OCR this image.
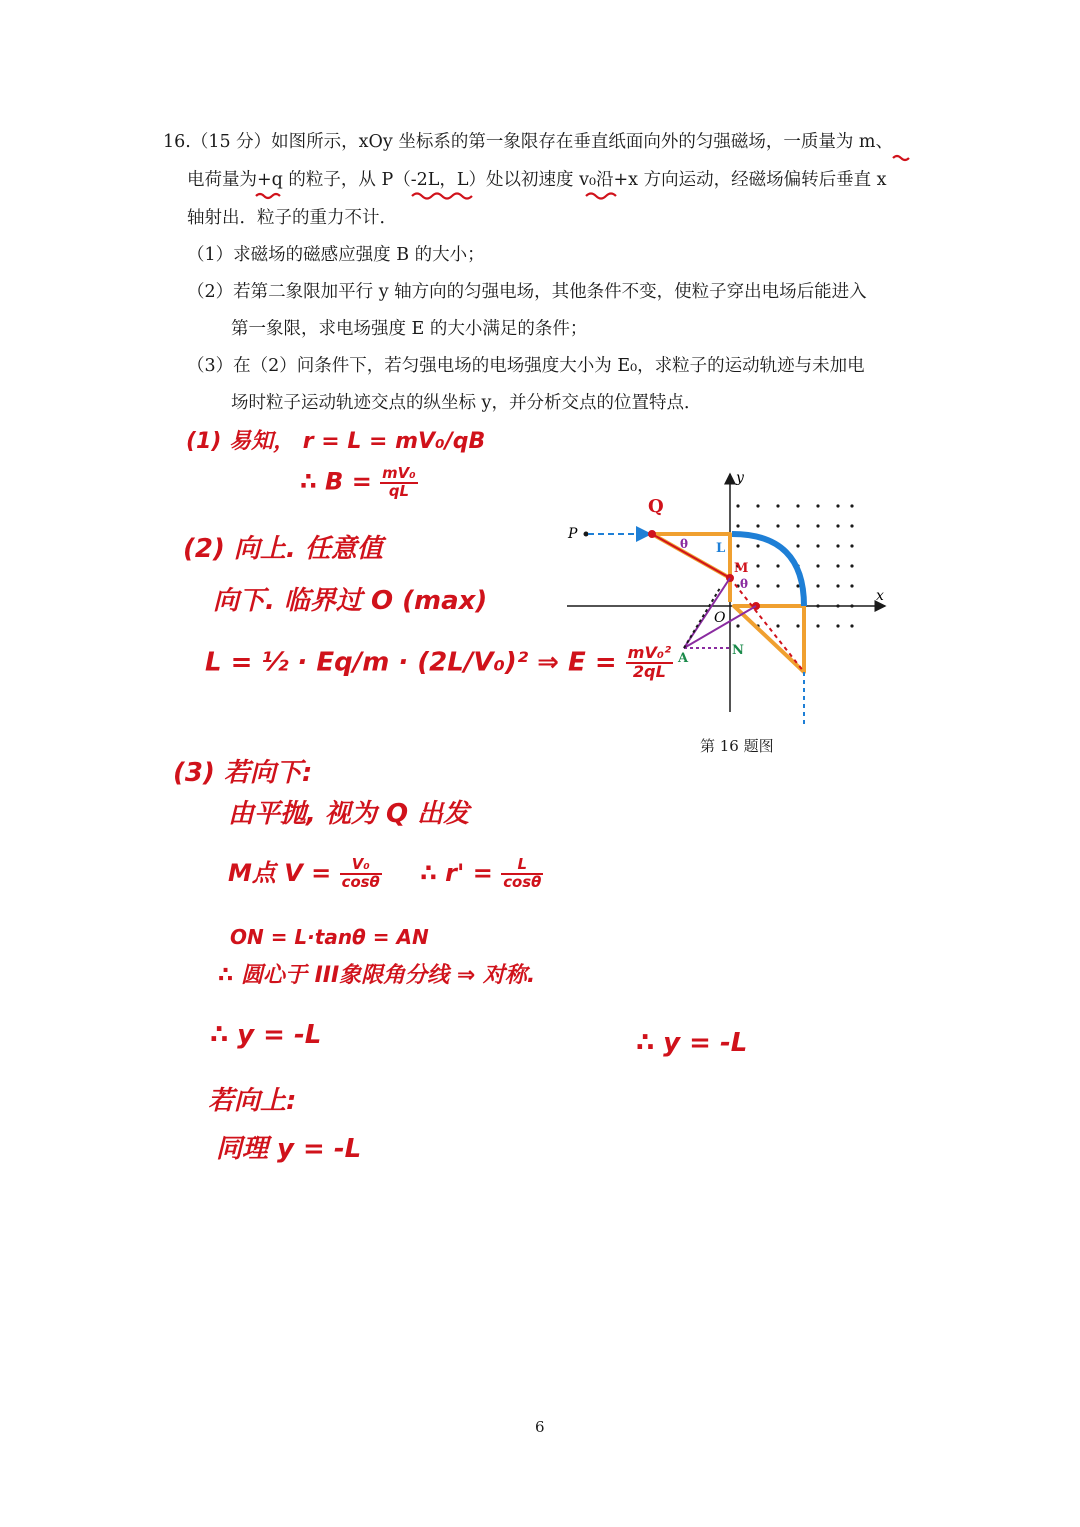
16.（15 分）如图所示，xOy 坐标系的第一象限存在垂直纸面向外的匀强磁场，一质量为 m、
电荷量为+q 的粒子，从 P（-2L，L）处以初速度 v₀沿+x 方向运动，经磁场偏转后垂直 x
轴射出．粒子的重力不计．
（1）求磁场的磁感应强度 B 的大小；
（2）若第二象限加平行 y 轴方向的匀强电场，其他条件不变，使粒子穿出电场后能进入
第一象限，求电场强度 E 的大小满足的条件；
（3）在（2）问条件下，若匀强电场的电场强度大小为 E₀，求粒子的运动轨迹与未加电
场时粒子运动轨迹交点的纵坐标 y，并分析交点的位置特点．
(1) 易知， r = L = mV₀/qB
∴ $B = \frac{\text{mV₀}}{qL}$
(2) 向上. 任意值
向下. 临界过 O (max)
L = ½ · Eq/m · (2L/V₀)² ⇒ $E = \frac{\text{mV₀²}}{2qL}$
(3) 若向下:
由平抛, 视为 Q 出发
M点 $V = \frac{\text{V₀}}{\cos\theta}$ ∴ $r' = \frac{L}{\cos\theta}$
ON = L·tanθ = AN
∴ 圆心于 III象限角分线 ⇒ 对称.
∴ y = -L	∴ y = -L
若向上:
同理 y = -L
y
x
O
P
Q
M
A
N
L
θ
θ
第 16 题图
6
